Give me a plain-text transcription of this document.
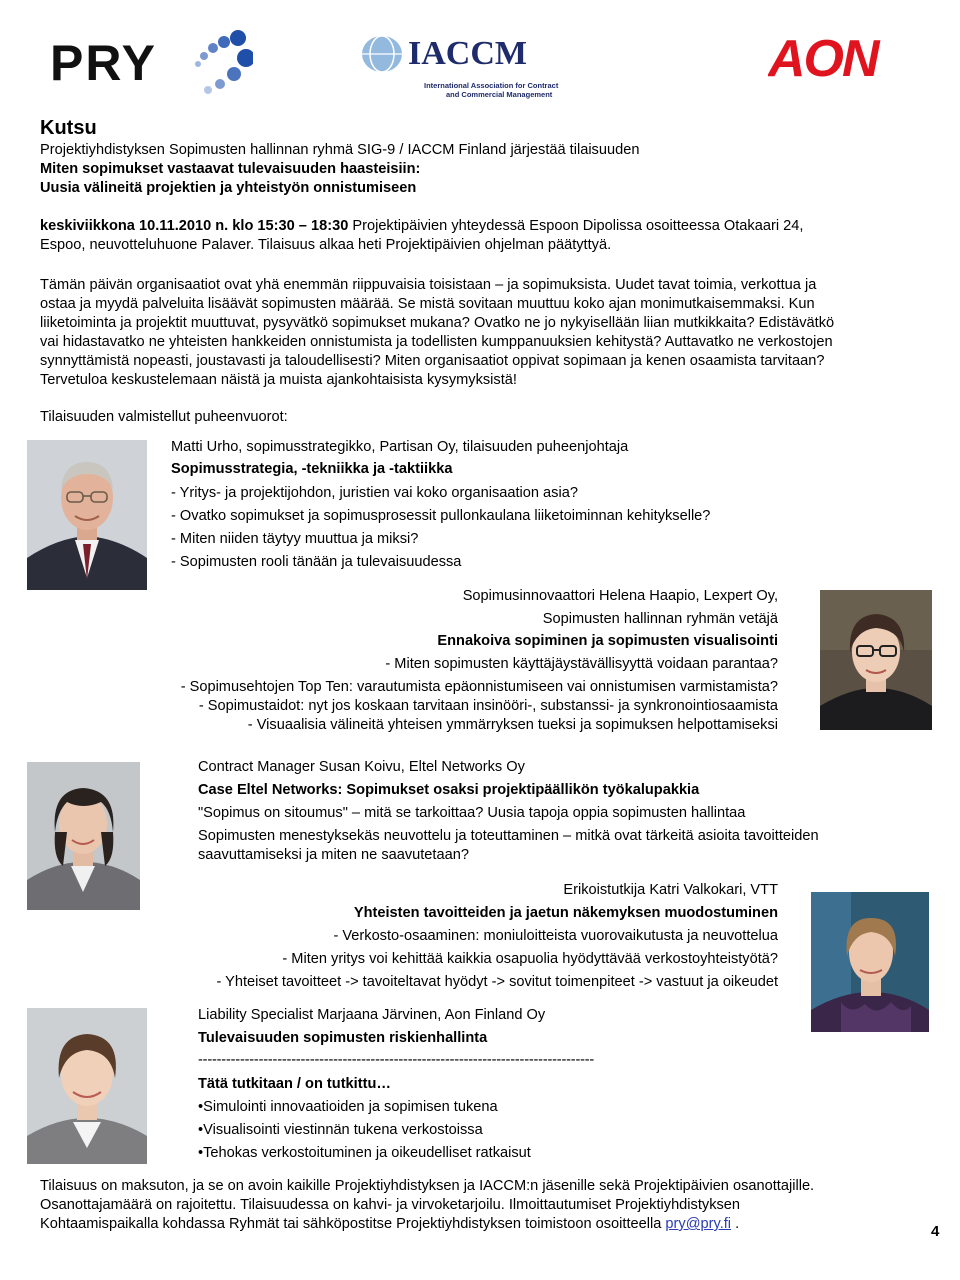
PRY	IACCM
International Association for Contract
and Commercial Management
AON
Kutsu
Projektiyhdistyksen Sopimusten hallinnan ryhmä SIG-9 / IACCM Finland järjestää tilaisuuden
Miten sopimukset vastaavat tulevaisuuden haasteisiin:
Uusia välineitä projektien ja yhteistyön onnistumiseen
keskiviikkona 10.11.2010 n. klo 15:30 – 18:30 Projektipäivien yhteydessä Espoon Dipolissa osoitteessa Otakaari 24,
Espoo, neuvotteluhuone Palaver. Tilaisuus alkaa heti Projektipäivien ohjelman päätyttyä.
Tämän päivän organisaatiot ovat yhä enemmän riippuvaisia toisistaan – ja sopimuksista. Uudet tavat toimia, verkottua ja
ostaa ja myydä palveluita lisäävät sopimusten määrää. Se mistä sovitaan muuttuu koko ajan monimutkaisemmaksi. Kun
liiketoiminta ja projektit muuttuvat, pysyvätkö sopimukset mukana? Ovatko ne jo nykyisellään liian mutkikkaita? Edistävätkö
vai hidastavatko ne yhteisten hankkeiden onnistumista ja todellisten kumppanuuksien kehitystä? Auttavatko ne verkostojen
synnyttämistä nopeasti, joustavasti ja taloudellisesti? Miten organisaatiot oppivat sopimaan ja kenen osaamista tarvitaan?
Tervetuloa keskustelemaan näistä ja muista ajankohtaisista kysymyksistä!
Tilaisuuden valmistellut puheenvuorot:
Matti Urho, sopimusstrategikko, Partisan Oy, tilaisuuden puheenjohtaja
Sopimusstrategia, -tekniikka ja -taktiikka
- Yritys- ja projektijohdon, juristien vai koko organisaation asia?
- Ovatko sopimukset ja sopimusprosessit pullonkaulana liiketoiminnan kehitykselle?
- Miten niiden täytyy muuttua ja miksi?
- Sopimusten rooli tänään ja tulevaisuudessa
Sopimusinnovaattori Helena Haapio, Lexpert Oy,
Sopimusten hallinnan ryhmän vetäjä
Ennakoiva sopiminen ja sopimusten visualisointi
- Miten sopimusten käyttäjäystävällisyyttä voidaan parantaa?
- Sopimusehtojen Top Ten: varautumista epäonnistumiseen vai onnistumisen varmistamista?
- Sopimustaidot: nyt jos koskaan tarvitaan insinööri-, substanssi- ja synkronointiosaamista
- Visuaalisia välineitä yhteisen ymmärryksen tueksi ja sopimuksen helpottamiseksi
Contract Manager Susan Koivu, Eltel Networks Oy
Case Eltel Networks: Sopimukset osaksi projektipäällikön työkalupakkia
"Sopimus on sitoumus" – mitä se tarkoittaa? Uusia tapoja oppia sopimusten hallintaa
Sopimusten menestyksekäs neuvottelu ja toteuttaminen – mitkä ovat tärkeitä asioita tavoitteiden
saavuttamiseksi ja miten ne saavutetaan?
Erikoistutkija Katri Valkokari, VTT
Yhteisten tavoitteiden ja jaetun näkemyksen muodostuminen
- Verkosto-osaaminen: moniuloitteista vuorovaikutusta ja neuvottelua
- Miten yritys voi kehittää kaikkia osapuolia hyödyttävää verkostoyhteistyötä?
- Yhteiset tavoitteet -> tavoiteltavat hyödyt -> sovitut toimenpiteet -> vastuut ja oikeudet
Liability Specialist Marjaana Järvinen, Aon Finland Oy
Tulevaisuuden sopimusten riskienhallinta
-------------------------------------------------------------------------------------
Tätä tutkitaan / on tutkittu…
•Simulointi innovaatioiden ja sopimisen tukena
•Visualisointi viestinnän tukena verkostoissa
•Tehokas verkostoituminen ja oikeudelliset ratkaisut
Tilaisuus on maksuton, ja se on avoin kaikille Projektiyhdistyksen ja IACCM:n jäsenille sekä Projektipäivien osanottajille.
Osanottajamäärä on rajoitettu. Tilaisuudessa on kahvi- ja virvoketarjoilu. Ilmoittautumiset Projektiyhdistyksen
Kohtaamispaikalla kohdassa Ryhmät tai sähköpostitse Projektiyhdistyksen toimistoon osoitteella pry@pry.fi .	4
